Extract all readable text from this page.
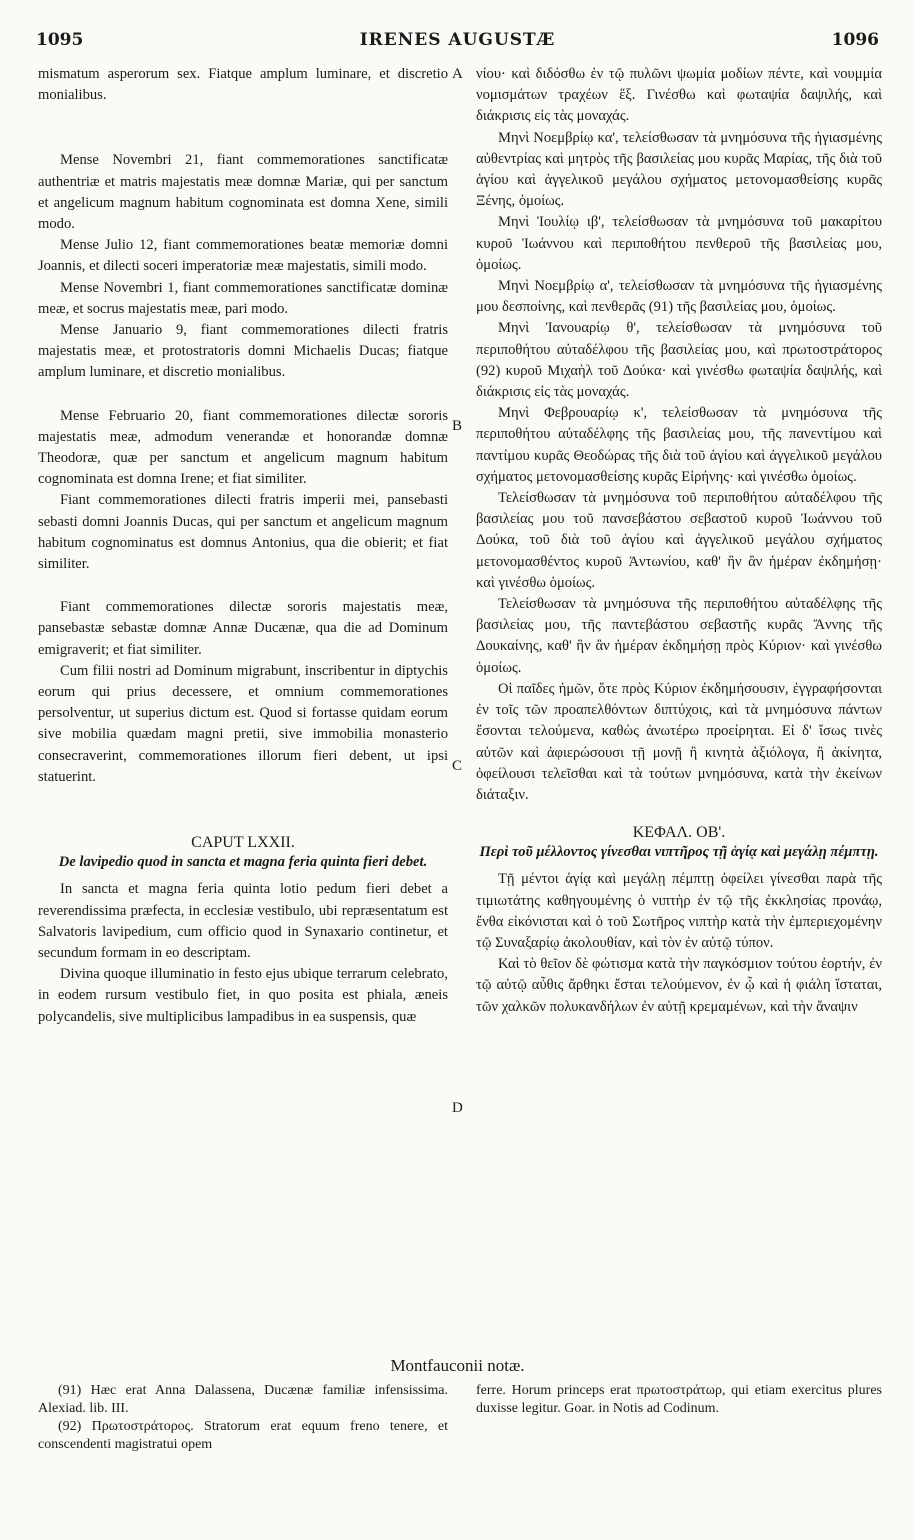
1095	IRENES AUGUSTÆ	1096
A
B
C
D

mismatum asperorum sex. Fiatque amplum luminare, et discretio monialibus.

Mense Novembri 21, fiant commemorationes sanctificatæ authentriæ et matris majestatis meæ domnæ Mariæ, qui per sanctum et angelicum magnum habitum cognominata est domna Xene, simili modo.

Mense Julio 12, fiant commemorationes beatæ memoriæ domni Joannis, et dilecti soceri imperatoriæ meæ majestatis, simili modo.

Mense Novembri 1, fiant commemorationes sanctificatæ dominæ meæ, et socrus majestatis meæ, pari modo.

Mense Januario 9, fiant commemorationes dilecti fratris majestatis meæ, et protostratoris domni Michaelis Ducas; fiatque amplum luminare, et discretio monialibus.

Mense Februario 20, fiant commemorationes dilectæ sororis majestatis meæ, admodum venerandæ et honorandæ domnæ Theodoræ, quæ per sanctum et angelicum magnum habitum cognominata est domna Irene; et fiat similiter.

Fiant commemorationes dilecti fratris imperii mei, pansebasti sebasti domni Joannis Ducas, qui per sanctum et angelicum magnum habitum cognominatus est domnus Antonius, qua die obierit; et fiat similiter.

Fiant commemorationes dilectæ sororis majestatis meæ, pansebastæ sebastæ domnæ Annæ Ducænæ, qua die ad Dominum emigraverit; et fiat similiter.

Cum filii nostri ad Dominum migrabunt, inscribentur in diptychis eorum qui prius decessere, et omnium commemorationes persolventur, ut superius dictum est. Quod si fortasse quidam eorum sive mobilia quædam magni pretii, sive immobilia monasterio consecraverint, commemorationes illorum fieri debent, ut ipsi statuerint.

CAPUT LXXII.

De lavipedio quod in sancta et magna feria quinta fieri debet.

In sancta et magna feria quinta lotio pedum fieri debet a reverendissima præfecta, in ecclesiæ vestibulo, ubi repræsentatum est Salvatoris lavipedium, cum officio quod in Synaxario continetur, et secundum formam in eo descriptam.

Divina quoque illuminatio in festo ejus ubique terrarum celebrato, in eodem rursum vestibulo fiet, in quo posita est phiala, æneis polycandelis, sive multiplicibus lampadibus in ea suspensis, quæ

νίου· καὶ διδόσθω ἐν τῷ πυλῶνι ψωμία μοδίων πέντε, καὶ νουμμία νομισμάτων τραχέων ἕξ. Γινέσθω καὶ φωταψία δαψιλής, καὶ διάκρισις εἰς τὰς μοναχάς.

Μηνὶ Νοεμβρίῳ κα', τελείσθωσαν τὰ μνημόσυνα τῆς ἡγιασμένης αὐθεντρίας καὶ μητρὸς τῆς βασιλείας μου κυρᾶς Μαρίας, τῆς διὰ τοῦ ἁγίου καὶ ἀγγελικοῦ μεγάλου σχήματος μετονομασθείσης κυρᾶς Ξένης, ὁμοίως.

Μηνὶ Ἰουλίῳ ιβ', τελείσθωσαν τὰ μνημόσυνα τοῦ μακαρίτου κυροῦ Ἰωάννου καὶ περιποθήτου πενθεροῦ τῆς βασιλείας μου, ὁμοίως.

Μηνὶ Νοεμβρίῳ α', τελείσθωσαν τὰ μνημόσυνα τῆς ἡγιασμένης μου δεσποίνης, καὶ πενθερᾶς (91) τῆς βασιλείας μου, ὁμοίως.

Μηνὶ Ἰανουαρίῳ θ', τελείσθωσαν τὰ μνημόσυνα τοῦ περιποθήτου αὐταδέλφου τῆς βασιλείας μου, καὶ πρωτοστράτορος (92) κυροῦ Μιχαὴλ τοῦ Δούκα· καὶ γινέσθω φωταψία δαψιλής, καὶ διάκρισις εἰς τὰς μοναχάς.

Μηνὶ Φεβρουαρίῳ κ', τελείσθωσαν τὰ μνημόσυνα τῆς περιποθήτου αὐταδέλφης τῆς βασιλείας μου, τῆς πανεντίμου καὶ παντίμου κυρᾶς Θεοδώρας τῆς διὰ τοῦ ἁγίου καὶ ἀγγελικοῦ μεγάλου σχήματος μετονομασθείσης κυρᾶς Εἰρήνης· καὶ γινέσθω ὁμοίως.

Τελείσθωσαν τὰ μνημόσυνα τοῦ περιποθήτου αὐταδέλφου τῆς βασιλείας μου τοῦ πανσεβάστου σεβαστοῦ κυροῦ Ἰωάννου τοῦ Δούκα, τοῦ διὰ τοῦ ἁγίου καὶ ἀγγελικοῦ μεγάλου σχήματος μετονομασθέντος κυροῦ Ἀντωνίου, καθ' ἣν ἂν ἡμέραν ἐκδημήσῃ· καὶ γινέσθω ὁμοίως.

Τελείσθωσαν τὰ μνημόσυνα τῆς περιποθήτου αὐταδέλφης τῆς βασιλείας μου, τῆς παντεβάστου σεβαστῆς κυρᾶς Ἄννης τῆς Δουκαίνης, καθ' ἣν ἂν ἡμέραν ἐκδημήσῃ πρὸς Κύριον· καὶ γινέσθω ὁμοίως.

Οἱ παῖδες ἡμῶν, ὅτε πρὸς Κύριον ἐκδημήσουσιν, ἐγγραφήσονται ἐν τοῖς τῶν προαπελθόντων διπτύχοις, καὶ τὰ μνημόσυνα πάντων ἔσονται τελούμενα, καθὼς ἀνωτέρω προείρηται. Εἰ δ' ἴσως τινὲς αὐτῶν καὶ ἀφιερώσουσι τῇ μονῇ ἢ κινητὰ ἀξιόλογα, ἢ ἀκίνητα, ὀφείλουσι τελεῖσθαι καὶ τὰ τούτων μνημόσυνα, κατὰ τὴν ἐκείνων διάταξιν.

ΚΕΦΑΛ. ΟΒ'.

Περὶ τοῦ μέλλοντος γίνεσθαι νιπτῆρος τῇ ἁγίᾳ καὶ μεγάλῃ πέμπτῃ.

Τῇ μέντοι ἁγίᾳ καὶ μεγάλῃ πέμπτῃ ὀφείλει γίνεσθαι παρὰ τῆς τιμιωτάτης καθηγουμένης ὁ νιπτὴρ ἐν τῷ τῆς ἐκκλησίας προνάῳ, ἔνθα εἰκόνισται καὶ ὁ τοῦ Σωτῆρος νιπτὴρ κατὰ τὴν ἐμπεριεχομένην τῷ Συναξαρίῳ ἀκολουθίαν, καὶ τὸν ἐν αὐτῷ τύπον.

Καὶ τὸ θεῖον δὲ φώτισμα κατὰ τὴν παγκόσμιον τούτου ἑορτήν, ἐν τῷ αὐτῷ αὖθις ἄρθηκι ἔσται τελούμενον, ἐν ᾧ καὶ ἡ φιάλη ἵσταται, τῶν χαλκῶν πολυκανδήλων ἐν αὐτῇ κρεμαμένων, καὶ τὴν ἄναψιν

Montfauconii notæ.

(91) Hæc erat Anna Dalassena, Ducænæ familiæ infensissima. Alexiad. lib. III.

(92) Πρωτοστράτορος. Stratorum erat equum freno tenere, et conscendenti magistratui opem

ferre. Horum princeps erat πρωτοστράτωρ, qui etiam exercitus plures duxisse legitur. Goar. in Notis ad Codinum.
